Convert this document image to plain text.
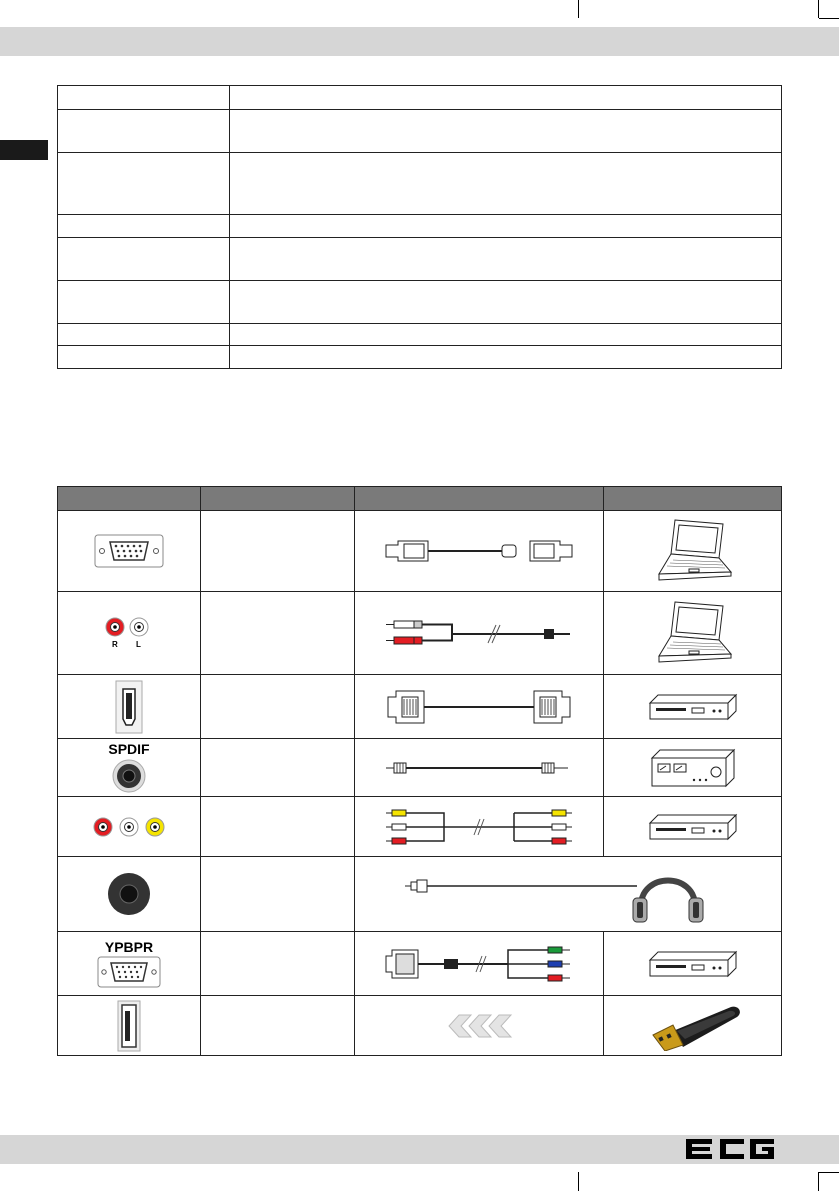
R L

SPDIF

YPBPR
